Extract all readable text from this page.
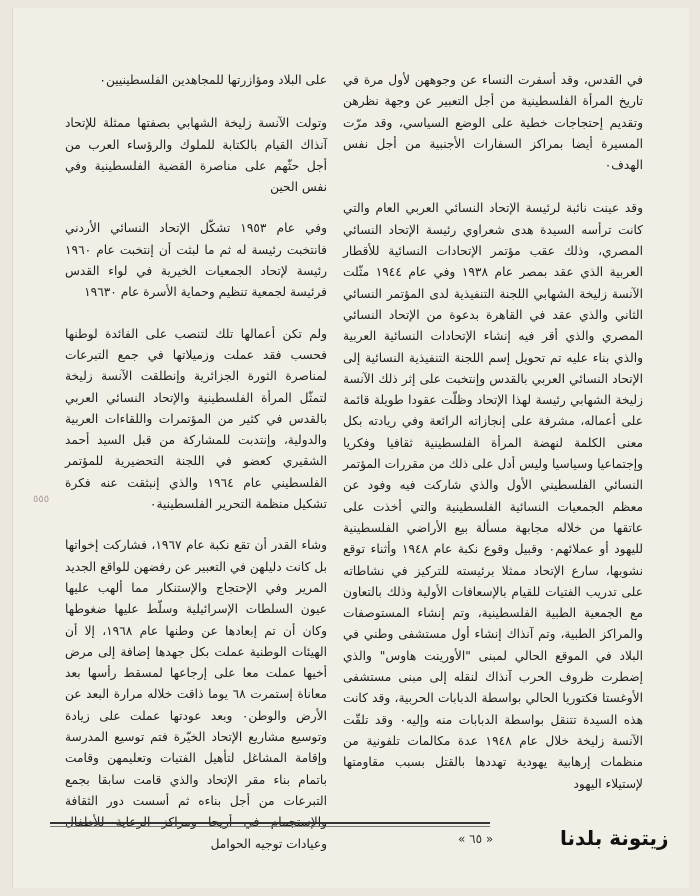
في القدس، وقد أسفرت النساء عن وجوههن لأول مرة في تاريخ المرأة الفلسطينية من أجل التعبير عن وجهة نظرهن وتقديم إحتجاجات خطية على الوضع السياسي، وقد مرّت المسيرة أيضا بمراكز السفارات الأجنبية من أجل نفس الهدف٠

وقد عينت نائبة لرئيسة الإتحاد النسائي العربي العام والتي كانت ترأسه السيدة هدى شعراوي رئيسة الإتحاد النسائي المصري، وذلك عقب مؤتمر الإتحادات النسائية للأقطار العربية الذي عقد بمصر عام ١٩٣٨ وفي عام ١٩٤٤ مثّلت الآنسة زليخة الشهابي اللجنة التنفيذية لدى المؤتمر النسائي الثاني والذي عقد في القاهرة بدعوة من الإتحاد النسائي المصري والذي أقر فيه إنشاء الإتحادات النسائية العربية والذي بناء عليه تم تحويل إسم اللجنة التنفيذية النسائية إلى الإتحاد النسائي العربي بالقدس وإنتخبت على إثر ذلك الآنسة زليخة الشهابي رئيسة لهذا الإتحاد وظلّت عقودا طويلة قائمة على أعماله، مشرفة على إنجازاته الرائعة وفي ريادته بكل معنى الكلمة لنهضة المرأة الفلسطينية ثقافيا وفكريا وإجتماعيا وسياسيا وليس أدل على ذلك من مقررات المؤتمر النسائي الفلسطيني الأول والذي شاركت فيه وفود عن معظم الجمعيات النسائية الفلسطينية والتي أخذت على عاتقها من خلاله مجابهة مسألة بيع الأراضي الفلسطينية لليهود أو عملائهم٠ وقبيل وقوع نكبة عام ١٩٤٨ وأثناء توقع نشوبها، سارع الإتحاد ممثلا برئيسته للتركيز في نشاطاته على تدريب الفتيات للقيام بالإسعافات الأولية وذلك بالتعاون مع الجمعية الطبية الفلسطينية، وتم إنشاء المستوصفات والمراكز الطبية، وتم آنذاك إنشاء أول مستشفى وطني في البلاد في الموقع الحالي لمبنى "الأورينت هاوس" والذي إضطرت ظروف الحرب آنذاك لنقله إلى مبنى مستشفى الأوغستا فكتوريا الحالي بواسطة الدبابات الحربية، وقد كانت هذه السيدة تتنقل بواسطة الدبابات منه وإليه٠ وقد تلقّت الآنسة زليخة خلال عام ١٩٤٨ عدة مكالمات تلفونية من منظمات إرهابية يهودية تهددها بالقتل بسبب مقاومتها لإستيلاء اليهود

على البلاد ومؤازرتها للمجاهدين الفلسطينيين٠

وتولت الآنسة زليخة الشهابي بصفتها ممثلة للإتحاد آنذاك القيام بالكتابة للملوك والرؤساء العرب من أجل حثّهم على مناصرة القضية الفلسطينية وفي نفس الحين

وفي عام ١٩٥٣ تشكّل الإتحاد النسائي الأردني فانتخبت رئيسة له ثم ما لبثت أن إنتخبت عام ١٩٦٠ رئيسة لإتحاد الجمعيات الخيرية في لواء القدس فرئيسة لجمعية تنظيم وحماية الأسرة عام ١٩٦٣٠

ولم تكن أعمالها تلك لتنصب على الفائدة لوطنها فحسب فقد عملت وزميلاتها في جمع التبرعات لمناصرة الثورة الجزائرية وإنطلقت الآنسة زليخة لتمثّل المرأة الفلسطينية والإتحاد النسائي العربي بالقدس في كثير من المؤتمرات واللقاءات العربية والدولية، وإنتدبت للمشاركة من قبل السيد أحمد الشقيري كعضو في اللجنة التحضيرية للمؤتمر الفلسطيني عام ١٩٦٤ والذي إنبثقت عنه فكرة تشكيل منظمة التحرير الفلسطينية٠

وشاء القدر أن تقع نكبة عام ١٩٦٧، فشاركت إخواتها بل كانت دليلهن في التعبير عن رفضهن للواقع الجديد المرير وفي الإحتجاج والإستنكار مما ألهب عليها عيون السلطات الإسرائيلية وسلّط عليها ضغوطها وكان أن تم إبعادها عن وطنها عام ١٩٦٨، إلا أن الهيئات الوطنية عملت بكل جهدها إضافة إلى مرض أخيها عملت معا على إرجاعها لمسقط رأسها بعد معاناة إستمرت ٦٨ يوما ذاقت خلاله مرارة البعد عن الأرض والوطن٠ وبعد عودتها عملت على زيادة وتوسيع مشاريع الإتحاد الخيّرة فتم توسيع المدرسة وإقامة المشاغل لتأهيل الفتيات وتعليمهن وقامت باتمام بناء مقر الإتحاد والذي قامت سابقا بجمع التبرعات من أجل بناءه ثم أسست دور الثقافة وعيادات توجيه الحوامل

٥٥٥
« ٦٥ »	زيتونة بلدنا
